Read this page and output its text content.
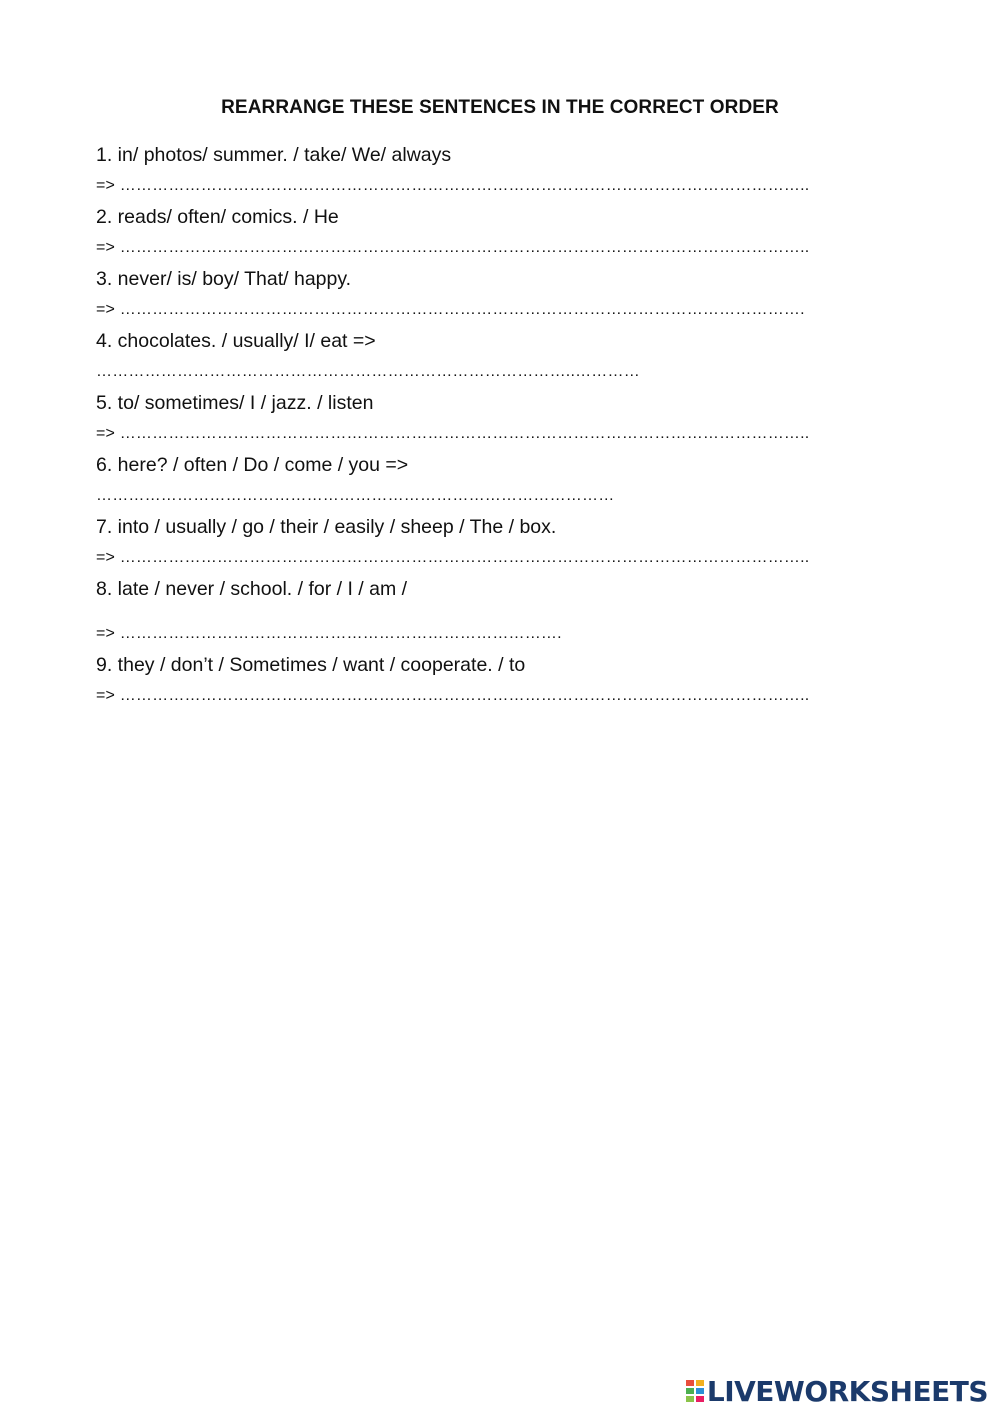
REARRANGE THESE SENTENCES IN THE CORRECT ORDER
1. in/ photos/ summer. / take/ We/ always
=> ………………………………………………………………………………………………………………..
2. reads/ often/ comics. / He
=> ………………………………………………………………………………………………………………..
3. never/ is/ boy/ That/ happy.
=> ……………………………………………………………………………………………………………….
4. chocolates. / usually/ I/ eat =>
……………………………………………………………………………..…………
5. to/ sometimes/ I / jazz. / listen
=> ………………………………………………………………………………………………………………..
6. here? / often / Do / come / you =>
……………………………………………………………………………………
7. into / usually / go / their / easily / sheep / The / box.
=> ………………………………………………………………………………………………………………..
8. late / never / school. / for / I / am /
=> ……………………………………………………………………….
9. they / don’t / Sometimes / want / cooperate. / to
=> ………………………………………………………………………………………………………………..
LIVEWORKSHEETS
